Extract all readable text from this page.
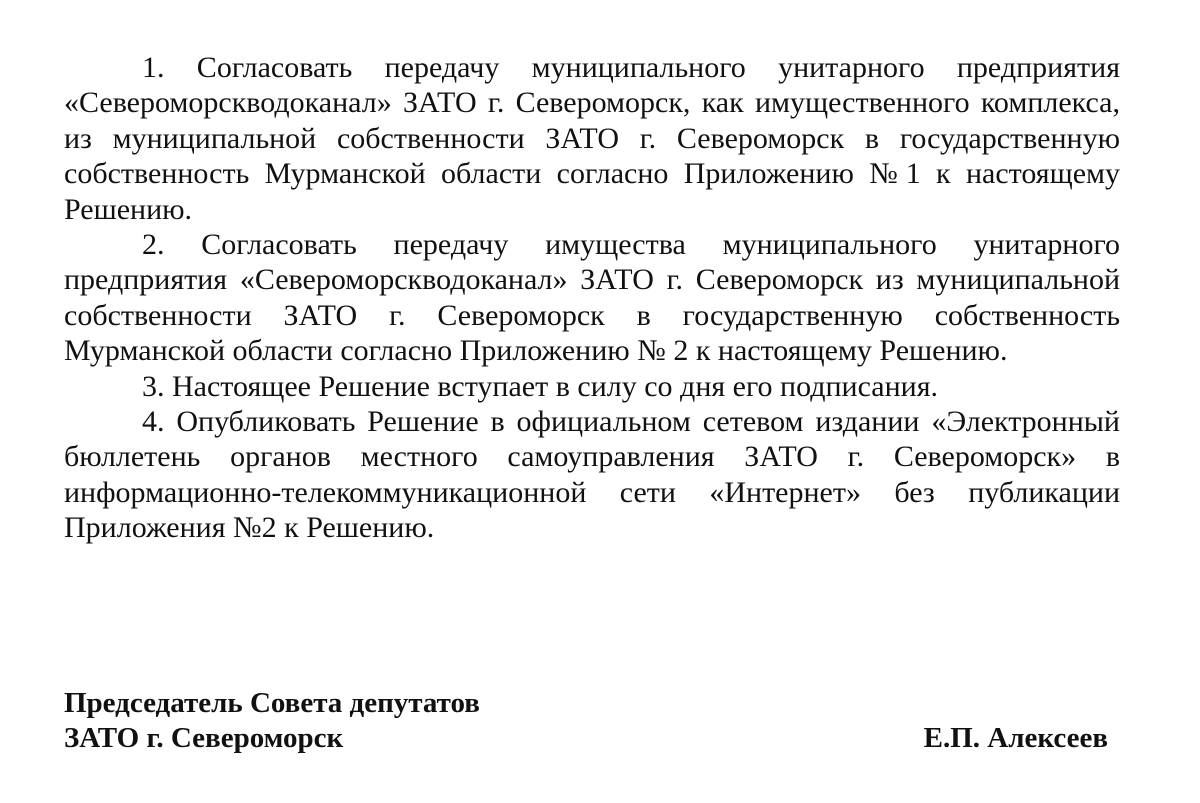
1. Согласовать передачу муниципального унитарного предприятия «Североморскводоканал» ЗАТО г. Североморск, как имущественного комплекса, из муниципальной собственности ЗАТО г. Североморск в государственную собственность Мурманской области согласно Приложению №1 к настоящему Решению.

2. Согласовать передачу имущества муниципального унитарного предприятия «Североморскводоканал» ЗАТО г. Североморск из муниципальной собственности ЗАТО г. Североморск в государственную собственность Мурманской области согласно Приложению № 2 к настоящему Решению.

3. Настоящее Решение вступает в силу со дня его подписания.

4. Опубликовать Решение в официальном сетевом издании «Электронный бюллетень органов местного самоуправления ЗАТО г. Североморск» в информационно-телекоммуникационной сети «Интернет» без публикации Приложения №2 к Решению.

Председатель Совета депутатов
ЗАТО г. Североморск	Е.П. Алексеев
